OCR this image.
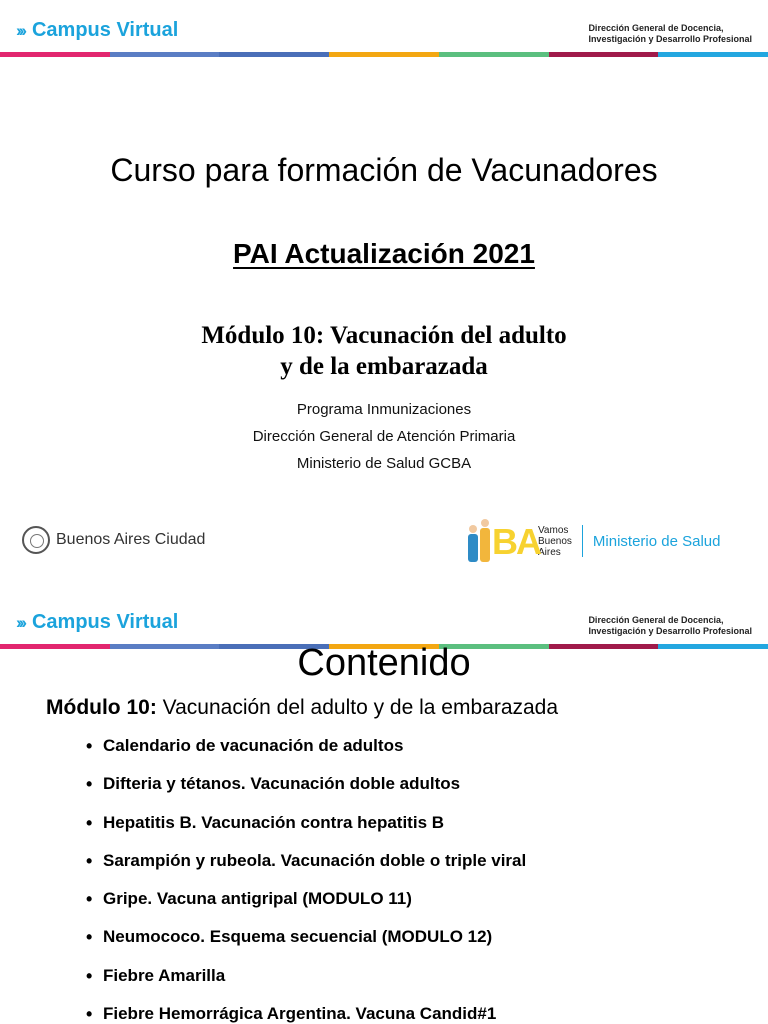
››› Campus Virtual	Dirección General de Docencia,
Investigación y Desarrollo Profesional
Curso para formación de Vacunadores
PAI Actualización 2021
Módulo 10: Vacunación del adulto
y de la embarazada
Programa Inmunizaciones
Dirección General de Atención Primaria
Ministerio de Salud GCBA
Buenos Aires Ciudad	BA
Vamos
Buenos
Aires
Ministerio de Salud
››› Campus Virtual	Dirección General de Docencia,
Investigación y Desarrollo Profesional
Contenido
Módulo 10: Vacunación del adulto y de la embarazada
• Calendario de vacunación de adultos
• Difteria y tétanos. Vacunación doble adultos
• Hepatitis B. Vacunación contra hepatitis B
• Sarampión y rubeola. Vacunación doble o triple viral
• Gripe. Vacuna antigripal (MODULO 11)
• Neumococo. Esquema secuencial (MODULO 12)
• Fiebre Amarilla
• Fiebre Hemorrágica Argentina. Vacuna Candid#1
